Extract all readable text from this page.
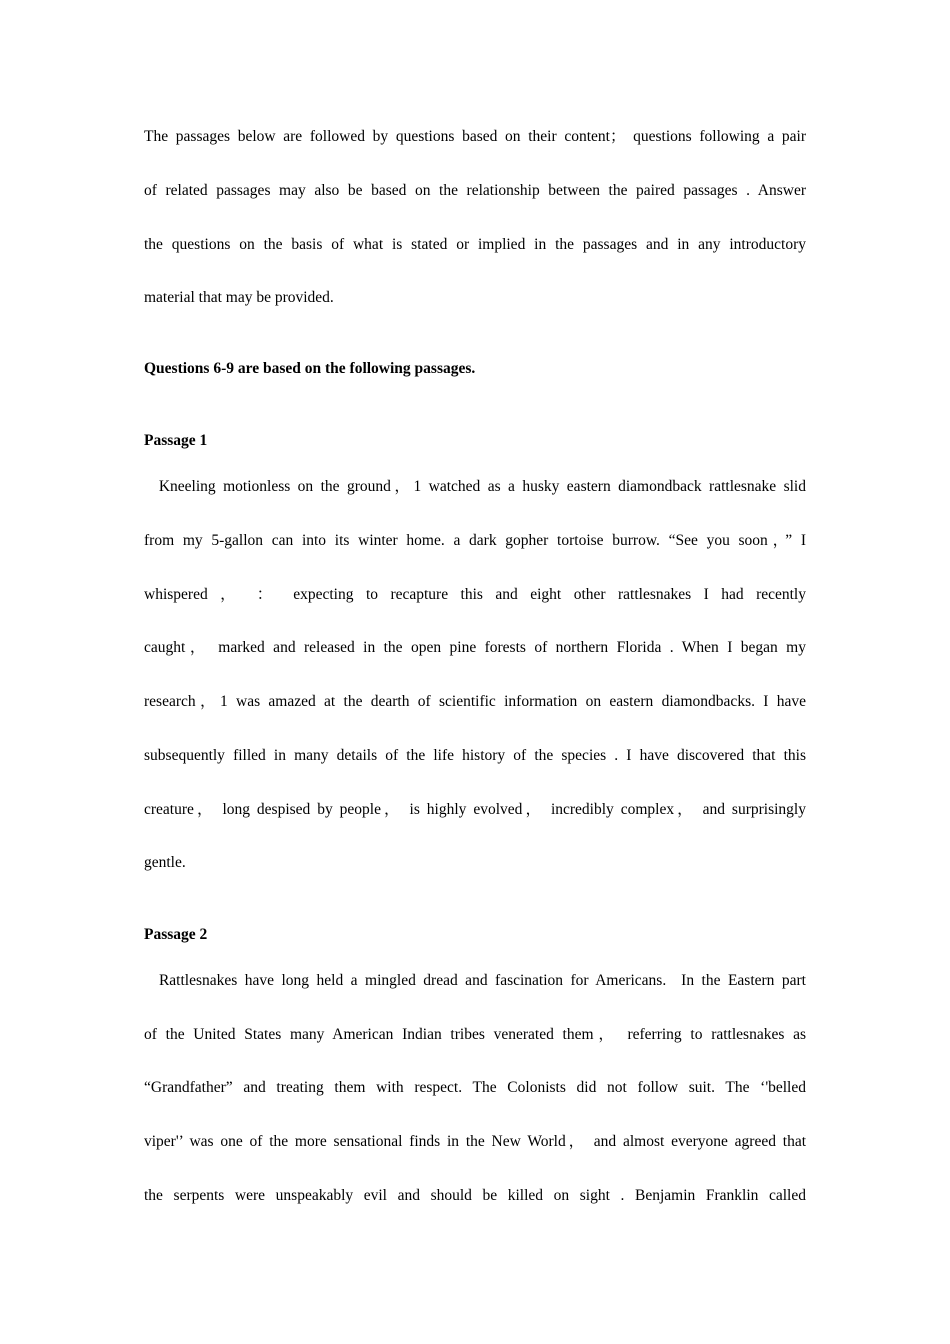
The passages below are followed by questions based on their content； questions following a pair
of related passages may also be based on the relationship between the paired passages . Answer
the questions on the basis of what is stated or implied in the passages and in any introductory
material that may be provided.
Questions 6-9 are based on the following passages.
Passage 1
Kneeling motionless on the ground，1 watched as a husky eastern diamondback rattlesnake slid
from my 5-gallon can into its winter home. a dark gopher tortoise burrow. “See you soon，” I
whispered ， ： expecting to recapture this and eight other rattlesnakes I had recently
caught， marked and released in the open pine forests of northern Florida . When I began my
research，1 was amazed at the dearth of scientific information on eastern diamondbacks. I have
subsequently filled in many details of the life history of the species . I have discovered that this
creature， long despised by people， is highly evolved， incredibly complex， and surprisingly
gentle.
Passage 2
Rattlesnakes have long held a mingled dread and fascination for Americans.  In the Eastern part
of the United States many American Indian tribes venerated them， referring to rattlesnakes as
“Grandfather” and treating them with respect. The Colonists did not follow suit. The ‘'belled
viper'’ was one of the more sensational finds in the New World， and almost everyone agreed that
the serpents were unspeakably evil and should be killed on sight . Benjamin Franklin called
